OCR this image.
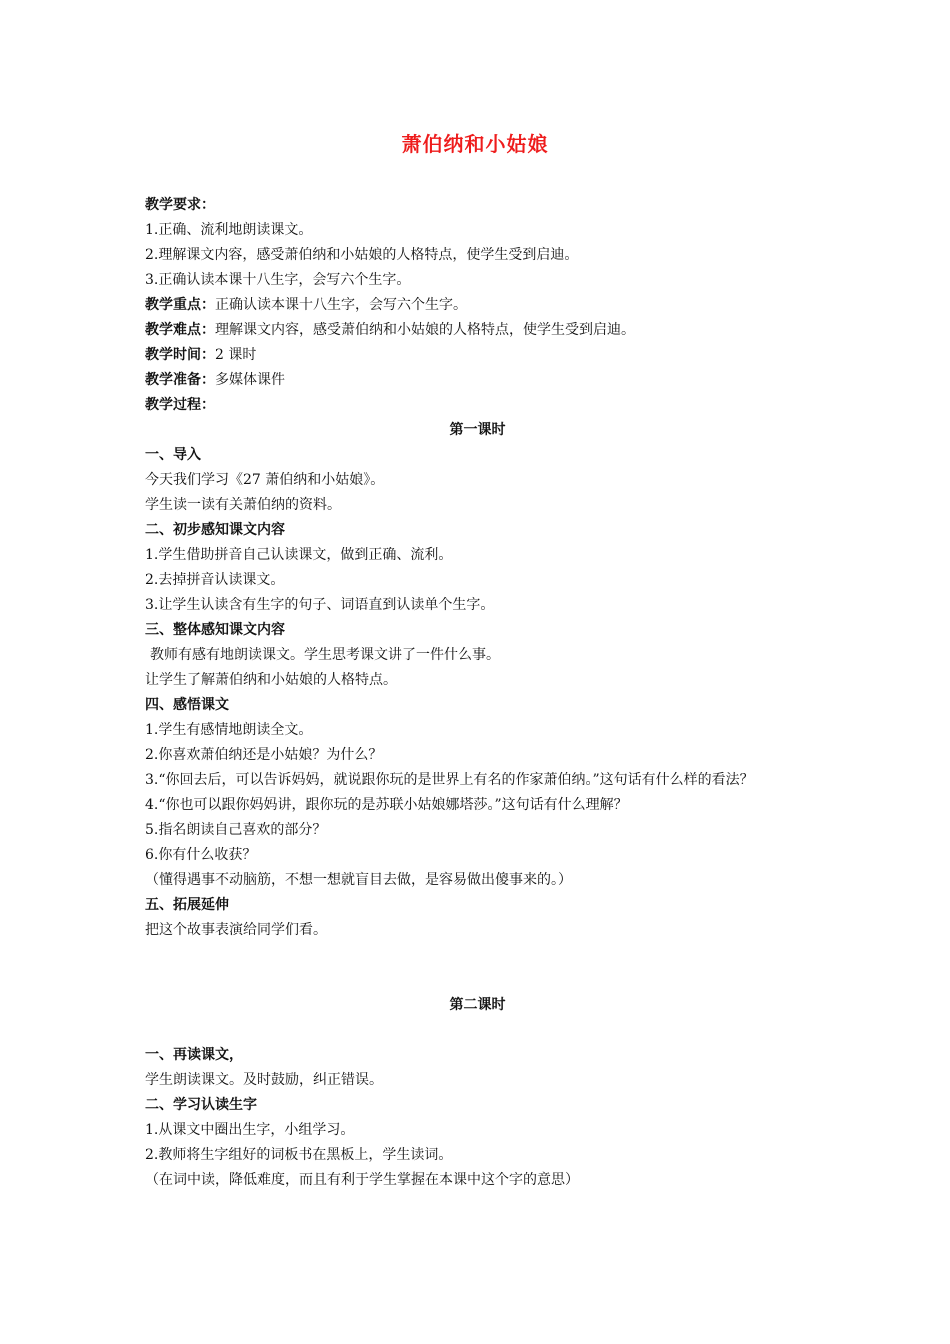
萧伯纳和小姑娘

教学要求：

1.正确、流利地朗读课文。

2.理解课文内容，感受萧伯纳和小姑娘的人格特点，使学生受到启迪。

3.正确认读本课十八生字，会写六个生字。

教学重点：正确认读本课十八生字，会写六个生字。

教学难点：理解课文内容，感受萧伯纳和小姑娘的人格特点，使学生受到启迪。

教学时间：2 课时

教学准备：多媒体课件

教学过程：

第一课时

一、导入

今天我们学习《27 萧伯纳和小姑娘》。

学生读一读有关萧伯纳的资料。

二、初步感知课文内容

1.学生借助拼音自己认读课文，做到正确、流利。

2.去掉拼音认读课文。

3.让学生认读含有生字的句子、词语直到认读单个生字。

三、整体感知课文内容

教师有感有地朗读课文。学生思考课文讲了一件什么事。

让学生了解萧伯纳和小姑娘的人格特点。

四、感悟课文

1.学生有感情地朗读全文。

2.你喜欢萧伯纳还是小姑娘？为什么？

3.“你回去后，可以告诉妈妈，就说跟你玩的是世界上有名的作家萧伯纳。”这句话有什么样的看法？

4.“你也可以跟你妈妈讲，跟你玩的是苏联小姑娘娜塔莎。”这句话有什么理解？

5.指名朗读自己喜欢的部分？

6.你有什么收获？

（懂得遇事不动脑筋，不想一想就盲目去做，是容易做出傻事来的。）

五、拓展延伸

把这个故事表演给同学们看。

第二课时

一、再读课文，

学生朗读课文。及时鼓励，纠正错误。

二、学习认读生字

1.从课文中圈出生字，小组学习。

2.教师将生字组好的词板书在黑板上，学生读词。

（在词中读，降低难度，而且有利于学生掌握在本课中这个字的意思）
